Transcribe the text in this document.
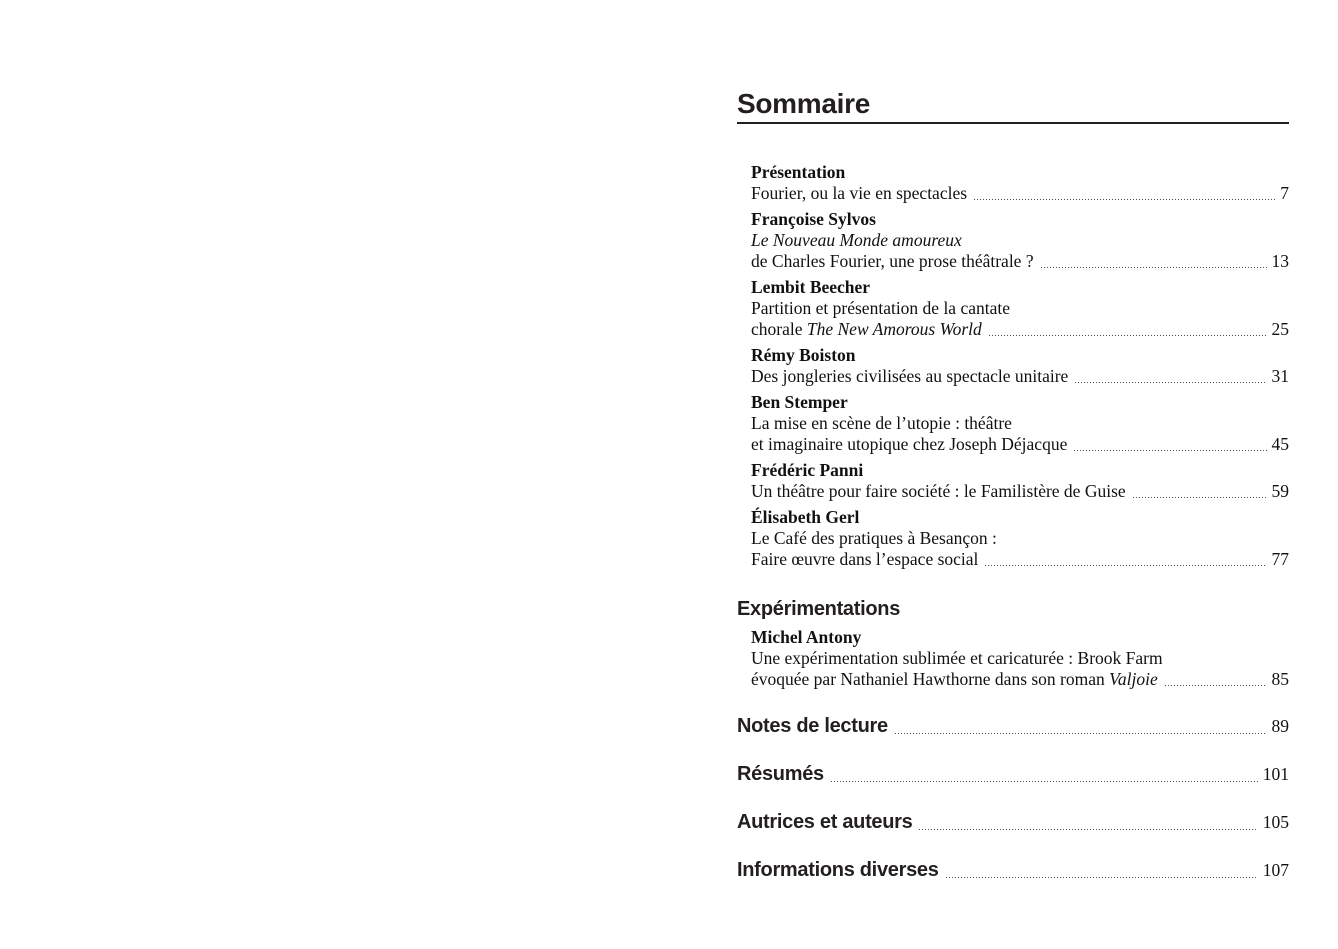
Sommaire
Présentation
Fourier, ou la vie en spectacles	7
Françoise Sylvos
Le Nouveau Monde amoureux
de Charles Fourier, une prose théâtrale ?	13
Lembit Beecher
Partition et présentation de la cantate
chorale The New Amorous World	25
Rémy Boiston
Des jongleries civilisées au spectacle unitaire	31
Ben Stemper
La mise en scène de l’utopie : théâtre
et imaginaire utopique chez Joseph Déjacque	45
Frédéric Panni
Un théâtre pour faire société : le Familistère de Guise	59
Élisabeth Gerl
Le Café des pratiques à Besançon :
Faire œuvre dans l’espace social	77
Expérimentations
Michel Antony
Une expérimentation sublimée et caricaturée : Brook Farm
évoquée par Nathaniel Hawthorne dans son roman Valjoie	85
Notes de lecture	89
Résumés	101
Autrices et auteurs	105
Informations diverses	107
